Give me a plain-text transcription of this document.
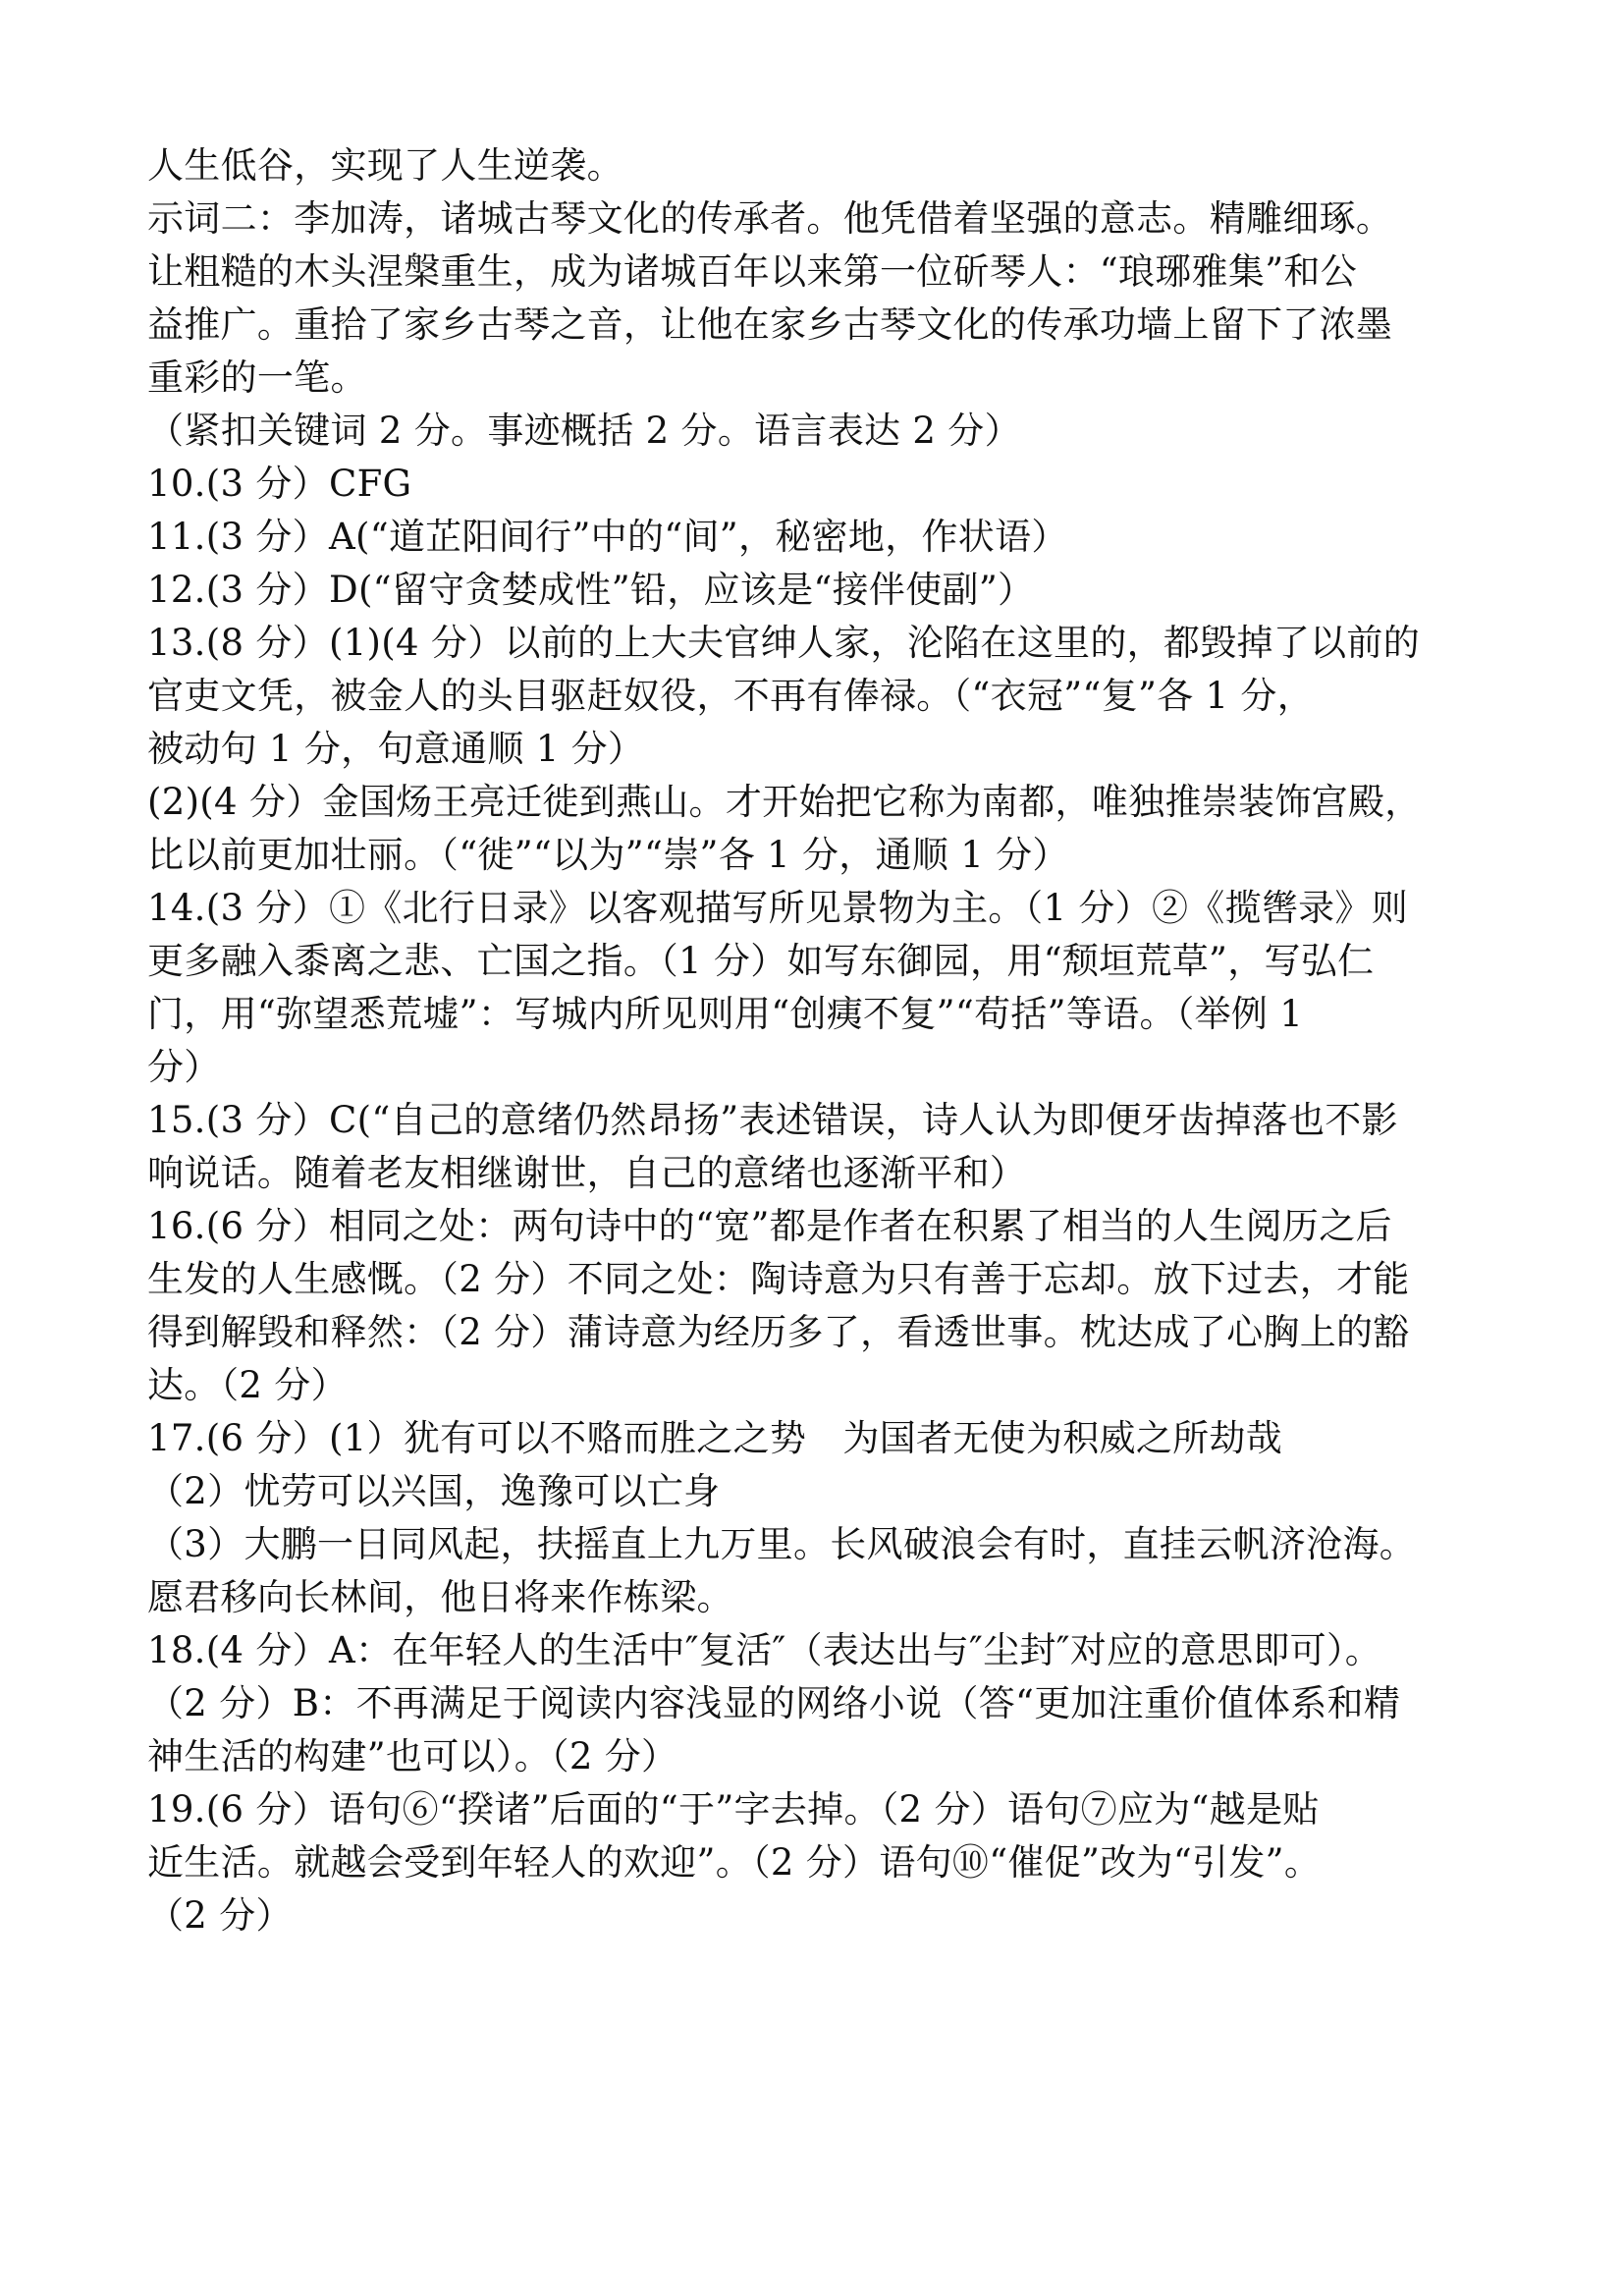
人生低谷，实现了人生逆袭。

示词二：李加涛，诸城古琴文化的传承者。他凭借着坚强的意志。精雕细琢。

让粗糙的木头涅槃重生，成为诸城百年以来第一位斫琴人：“琅琊雅集”和公

益推广。重拾了家乡古琴之音，让他在家乡古琴文化的传承功墙上留下了浓墨

重彩的一笔。

（紧扣关键词 2 分。事迹概括 2 分。语言表达 2 分）

10.(3 分）CFG

11.(3 分）A(“道芷阳间行”中的“间”，秘密地，作状语）

12.(3 分）D(“留守贪婪成性”铅，应该是“接伴使副”）

13.(8 分）(1)(4 分）以前的上大夫官绅人家，沦陷在这里的，都毁掉了以前的

官吏文凭，被金人的头目驱赶奴役，不再有俸禄。（“衣冠”“复”各 1 分，

被动句 1 分，句意通顺 1 分）

(2)(4 分）金国炀王亮迁徙到燕山。才开始把它称为南都，唯独推崇装饰宫殿，

比以前更加壮丽。（“徙”“以为”“崇”各 1 分，通顺 1 分）

14.(3 分）①《北行日录》以客观描写所见景物为主。（1 分）②《揽辔录》则

更多融入黍离之悲、亡国之指。（1 分）如写东御园，用“颓垣荒草”，写弘仁

门，用“弥望悉荒墟”：写城内所见则用“创痍不复”“苟括”等语。（举例 1

分）

15.(3 分）C(“自己的意绪仍然昂扬”表述错误，诗人认为即便牙齿掉落也不影

响说话。随着老友相继谢世，自己的意绪也逐渐平和）

16.(6 分）相同之处：两句诗中的“宽”都是作者在积累了相当的人生阅历之后

生发的人生感慨。（2 分）不同之处：陶诗意为只有善于忘却。放下过去，才能

得到解毁和释然：（2 分）蒲诗意为经历多了，看透世事。枕达成了心胸上的豁

达。（2 分）

17.(6 分）(1）犹有可以不赂而胜之之势　为国者无使为积威之所劫哉

（2）忧劳可以兴国，逸豫可以亡身

（3）大鹏一日同风起，扶摇直上九万里。长风破浪会有时，直挂云帆济沧海。

愿君移向长林间，他日将来作栋梁。

18.(4 分）A：在年轻人的生活中″复活″（表达出与″尘封″对应的意思即可）。

（2 分）B：不再满足于阅读内容浅显的网络小说（答“更加注重价值体系和精

神生活的构建”也可以）。（2 分）

19.(6 分）语句⑥“揆诸”后面的“于”字去掉。（2 分）语句⑦应为“越是贴

近生活。就越会受到年轻人的欢迎”。（2 分）语句⑩“催促”改为“引发”。

（2 分）
